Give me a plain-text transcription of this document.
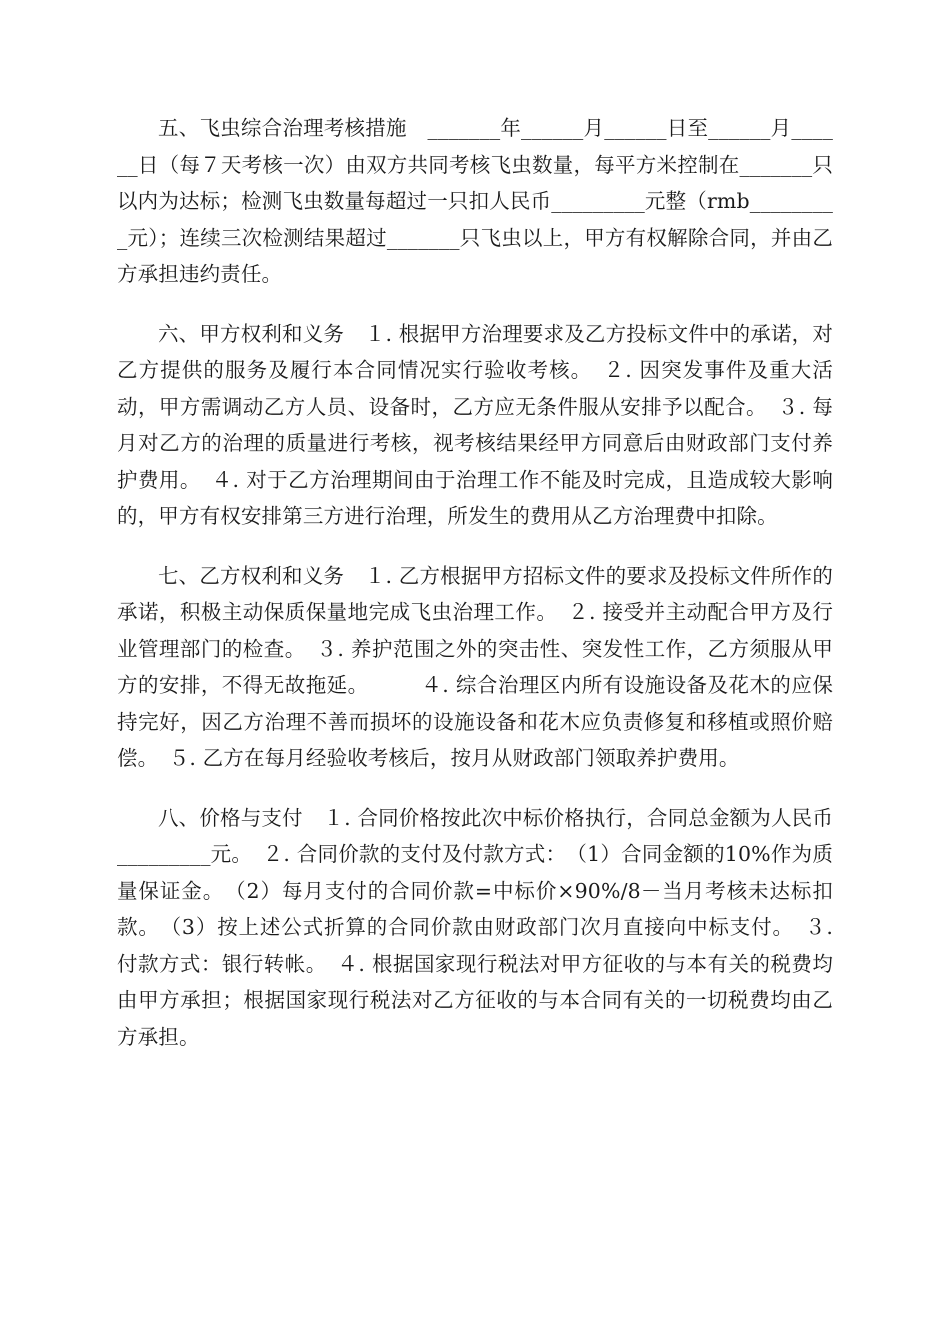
五、飞虫综合治理考核措施　_______年______月______日至______月______日（每７天考核一次）由双方共同考核飞虫数量，每平方米控制在_______只以内为达标；检测飞虫数量每超过一只扣人民币_________元整（rmb_________元）；连续三次检测结果超过_______只飞虫以上，甲方有权解除合同，并由乙方承担违约责任。

六、甲方权利和义务　１. 根据甲方治理要求及乙方投标文件中的承诺，对乙方提供的服务及履行本合同情况实行验收考核。　２. 因突发事件及重大活动，甲方需调动乙方人员、设备时，乙方应无条件服从安排予以配合。　３. 每月对乙方的治理的质量进行考核，视考核结果经甲方同意后由财政部门支付养护费用。　４. 对于乙方治理期间由于治理工作不能及时完成，且造成较大影响的，甲方有权安排第三方进行治理，所发生的费用从乙方治理费中扣除。

七、乙方权利和义务　１. 乙方根据甲方招标文件的要求及投标文件所作的承诺，积极主动保质保量地完成飞虫治理工作。　２. 接受并主动配合甲方及行业管理部门的检查。　３. 养护范围之外的突击性、突发性工作，乙方须服从甲方的安排，不得无故拖延。　　　４. 综合治理区内所有设施设备及花木的应保持完好，因乙方治理不善而损坏的设施设备和花木应负责修复和移植或照价赔偿。　５. 乙方在每月经验收考核后，按月从财政部门领取养护费用。

八、价格与支付　１. 合同价格按此次中标价格执行，合同总金额为人民币_________元。　２. 合同价款的支付及付款方式：　（1）合同金额的10%作为质量保证金。　（2）每月支付的合同价款=中标价×90%/8－当月考核未达标扣款。　（3）按上述公式折算的合同价款由财政部门次月直接向中标支付。　３. 付款方式：银行转帐。　４. 根据国家现行税法对甲方征收的与本有关的税费均由甲方承担；根据国家现行税法对乙方征收的与本合同有关的一切税费均由乙方承担。
